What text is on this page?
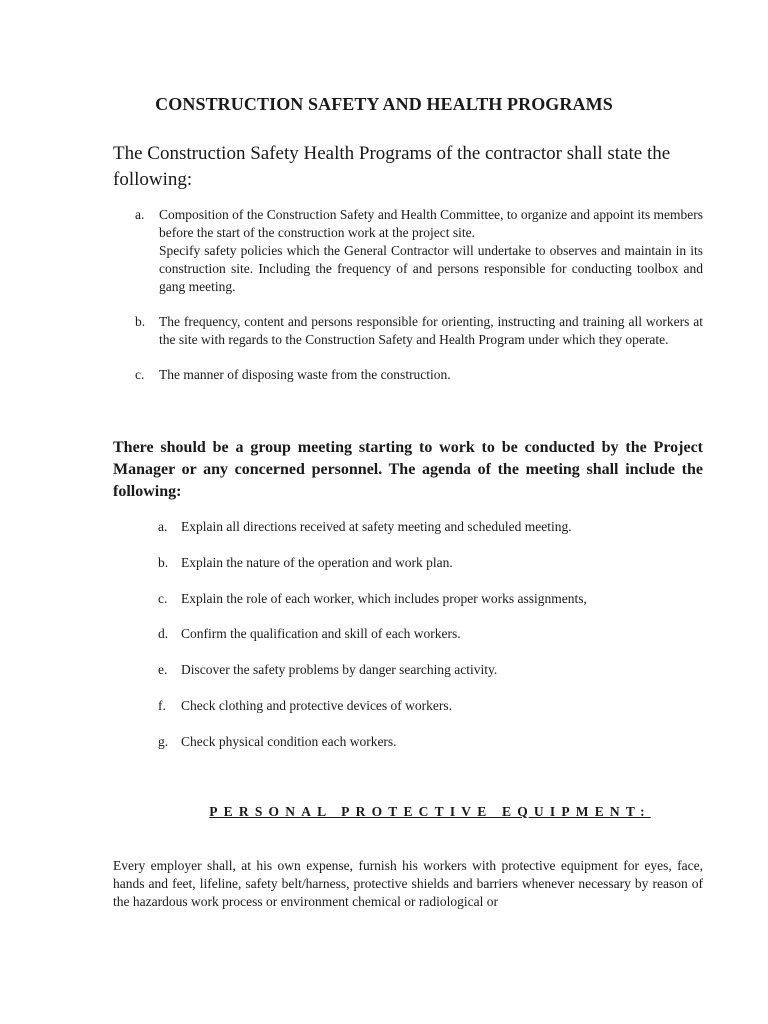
CONSTRUCTION SAFETY AND HEALTH PROGRAMS

The Construction Safety Health Programs of the contractor shall state the following:

a. Composition of the Construction Safety and Health Committee, to organize and appoint its members before the start of the construction work at the project site.
Specify safety policies which the General Contractor will undertake to observes and maintain in its construction site. Including the frequency of and persons responsible for conducting toolbox and gang meeting.
b. The frequency, content and persons responsible for orienting, instructing and training all workers at the site with regards to the Construction Safety and Health Program under which they operate.
c. The manner of disposing waste from the construction.

There should be a group meeting starting to work to be conducted by the Project Manager or any concerned personnel. The agenda of the meeting shall include the following:

a. Explain all directions received at safety meeting and scheduled meeting.
b. Explain the nature of the operation and work plan.
c. Explain the role of each worker, which includes proper works assignments,
d. Confirm the qualification and skill of each workers.
e. Discover the safety problems by danger searching activity.
f. Check clothing and protective devices of workers.
g. Check physical condition each workers.
PERSONAL PROTECTIVE EQUIPMENT:

Every employer shall, at his own expense, furnish his workers with protective equipment for eyes, face, hands and feet, lifeline, safety belt/harness, protective shields and barriers whenever necessary by reason of the hazardous work process or environment chemical or radiological or
